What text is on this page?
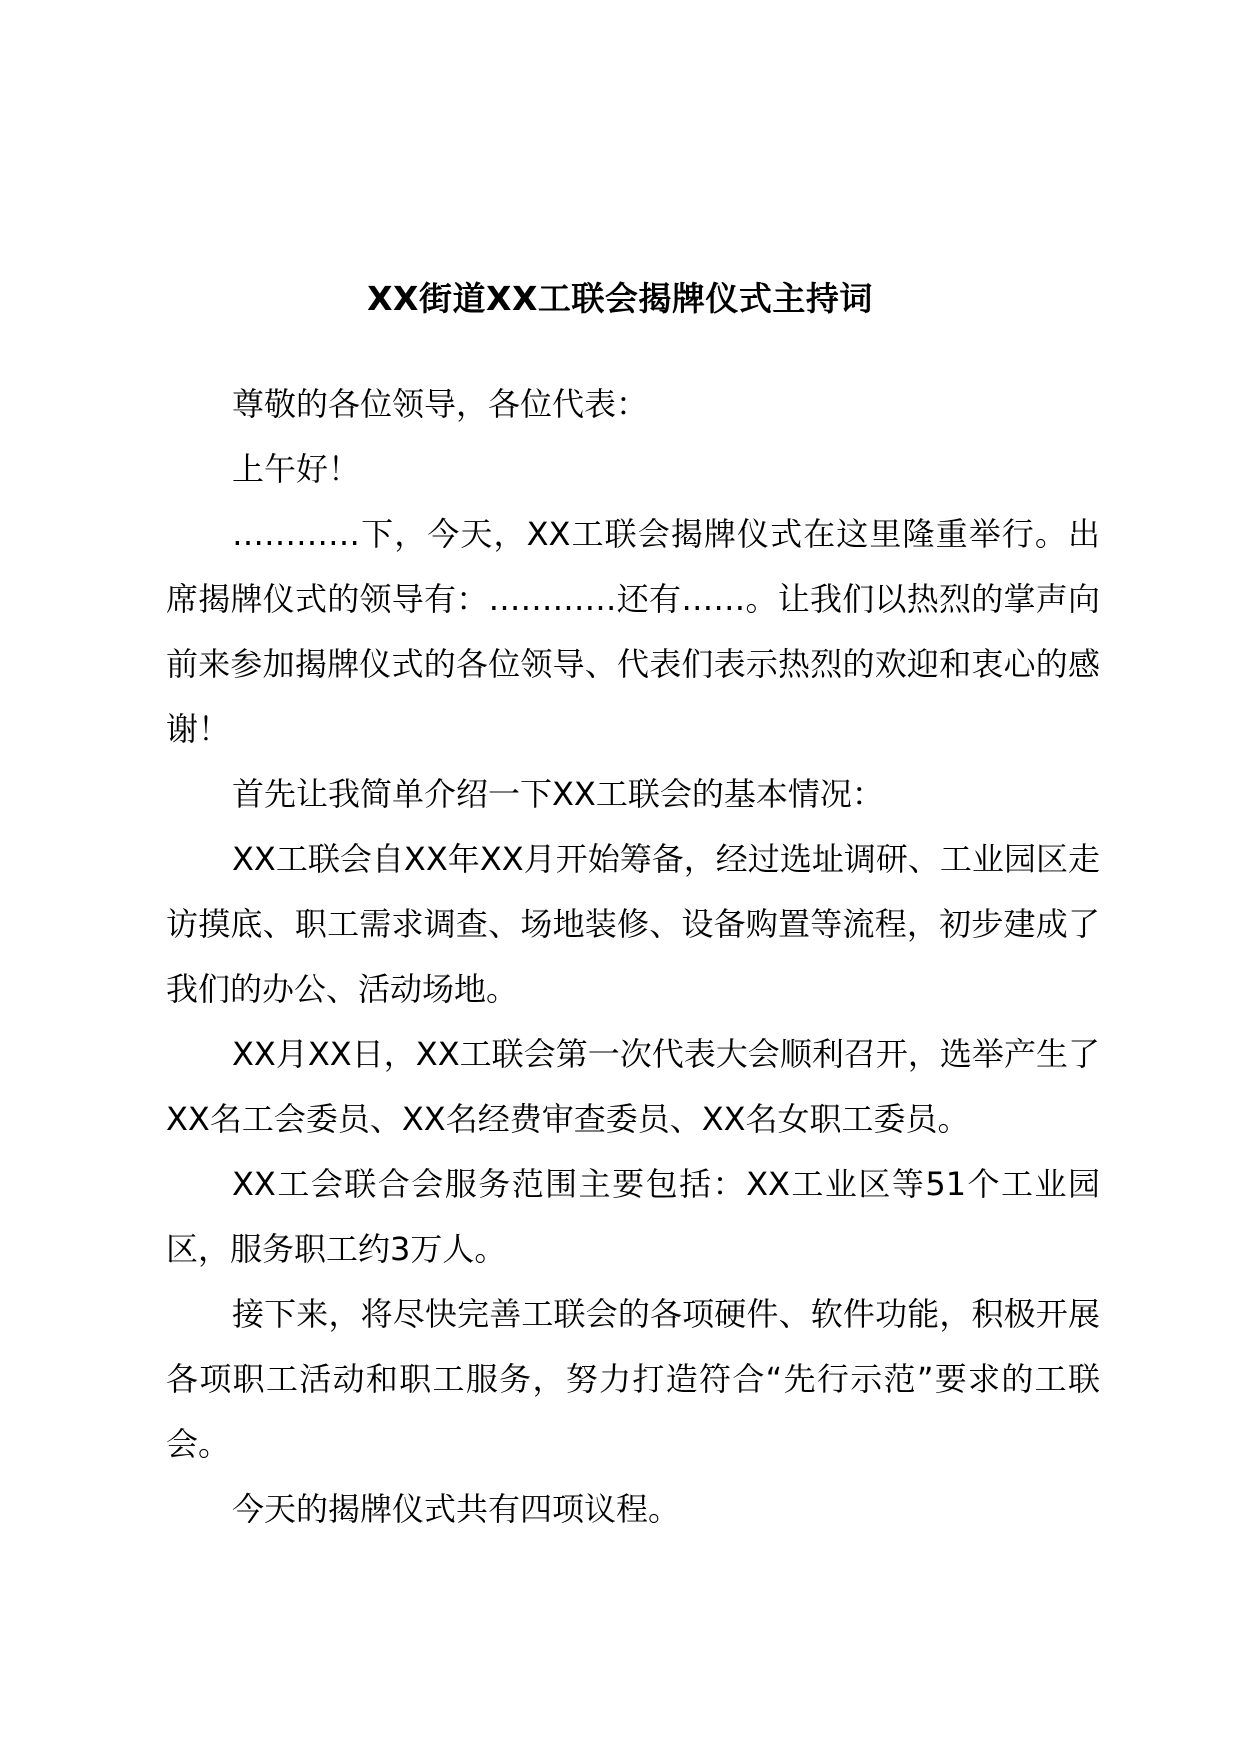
XX街道XX工联会揭牌仪式主持词

尊敬的各位领导，各位代表：

上午好！

…………下，今天，XX工联会揭牌仪式在这里隆重举行。出席揭牌仪式的领导有：…………还有……。让我们以热烈的掌声向前来参加揭牌仪式的各位领导、代表们表示热烈的欢迎和衷心的感谢！

首先让我简单介绍一下XX工联会的基本情况：

XX工联会自XX年XX月开始筹备，经过选址调研、工业园区走访摸底、职工需求调查、场地装修、设备购置等流程，初步建成了我们的办公、活动场地。

XX月XX日，XX工联会第一次代表大会顺利召开，选举产生了XX名工会委员、XX名经费审查委员、XX名女职工委员。

XX工会联合会服务范围主要包括：XX工业区等51个工业园区，服务职工约3万人。

接下来，将尽快完善工联会的各项硬件、软件功能，积极开展各项职工活动和职工服务，努力打造符合“先行示范”要求的工联会。

今天的揭牌仪式共有四项议程。
